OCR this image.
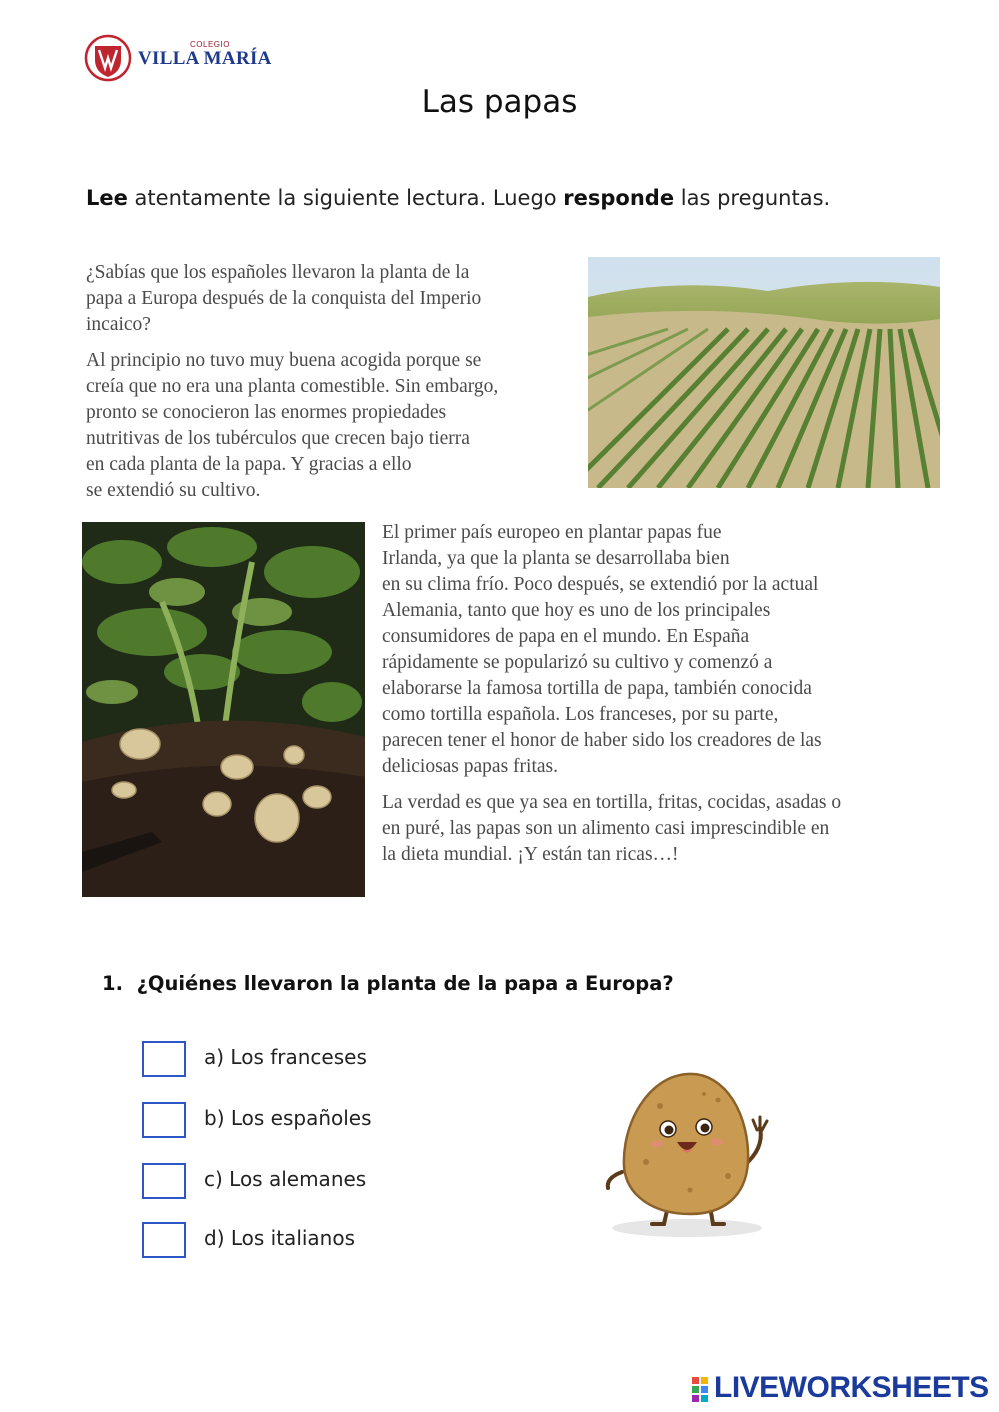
COLEGIO
VILLA MARÍA
Las papas
Lee atentamente la siguiente lectura. Luego responde las preguntas.

¿Sabías que los españoles llevaron la planta de la
papa a Europa después de la conquista del Imperio
incaico?

Al principio no tuvo muy buena acogida porque se
creía que no era una planta comestible. Sin embargo,
pronto se conocieron las enormes propiedades
nutritivas de los tubérculos que crecen bajo tierra
en cada planta de la papa. Y gracias a ello
se extendió su cultivo.

El primer país europeo en plantar papas fue
Irlanda, ya que la planta se desarrollaba bien
en su clima frío. Poco después, se extendió por la actual
Alemania, tanto que hoy es uno de los principales
consumidores de papa en el mundo. En España
rápidamente se popularizó su cultivo y comenzó a
elaborarse la famosa tortilla de papa, también conocida
como tortilla española. Los franceses, por su parte,
parecen tener el honor de haber sido los creadores de las
deliciosas papas fritas.

La verdad es que ya sea en tortilla, fritas, cocidas, asadas o
en puré, las papas son un alimento casi imprescindible en
la dieta mundial. ¡Y están tan ricas…!

1. ¿Quiénes llevaron la planta de la papa a Europa?
a) Los franceses
b) Los españoles
c) Los alemanes
d) Los italianos
LIVEWORKSHEETS
